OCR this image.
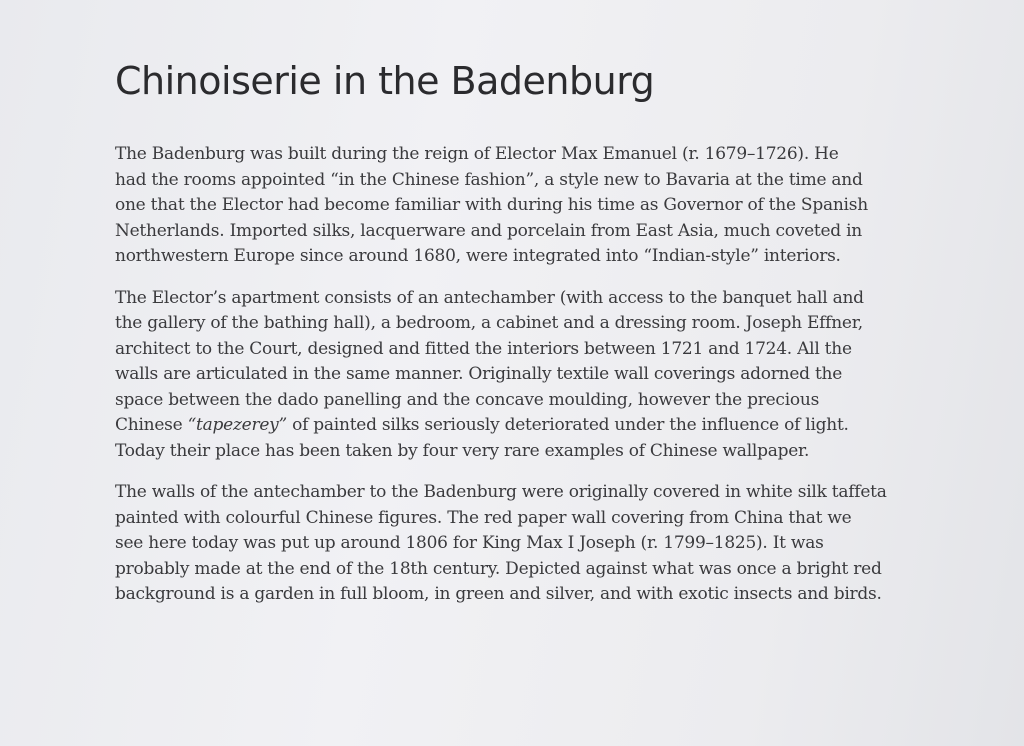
Chinoiserie in the Badenburg

The Badenburg was built during the reign of Elector Max Emanuel (r. 1679–1726). He
had the rooms appointed “in the Chinese fashion”, a style new to Bavaria at the time and
one that the Elector had become familiar with during his time as Governor of the Spanish
Netherlands. Imported silks, lacquerware and porcelain from East Asia, much coveted in
northwestern Europe since around 1680, were integrated into “Indian-style” interiors.

The Elector’s apartment consists of an antechamber (with access to the banquet hall and
the gallery of the bathing hall), a bedroom, a cabinet and a dressing room. Joseph Effner,
architect to the Court, designed and fitted the interiors between 1721 and 1724. All the
walls are articulated in the same manner. Originally textile wall coverings adorned the
space between the dado panelling and the concave moulding, however the precious
Chinese “tapezerey” of painted silks seriously deteriorated under the influence of light.
Today their place has been taken by four very rare examples of Chinese wallpaper.

The walls of the antechamber to the Badenburg were originally covered in white silk taffeta
painted with colourful Chinese figures. The red paper wall covering from China that we
see here today was put up around 1806 for King Max I Joseph (r. 1799–1825). It was
probably made at the end of the 18th century. Depicted against what was once a bright red
background is a garden in full bloom, in green and silver, and with exotic insects and birds.
